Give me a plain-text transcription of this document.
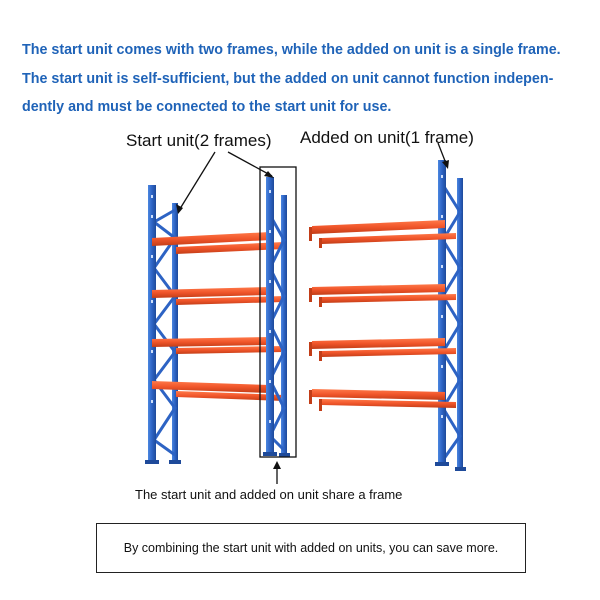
The start unit comes with two frames, while the added on unit is a single frame.

The start unit is self-sufficient, but the added on unit cannot function indepen-

dently and must be connected to the start unit for use.

Start unit(2 frames) Added on unit(1 frame)
The start unit and added on unit share a frame
By combining the start unit with added on units, you can save more.
